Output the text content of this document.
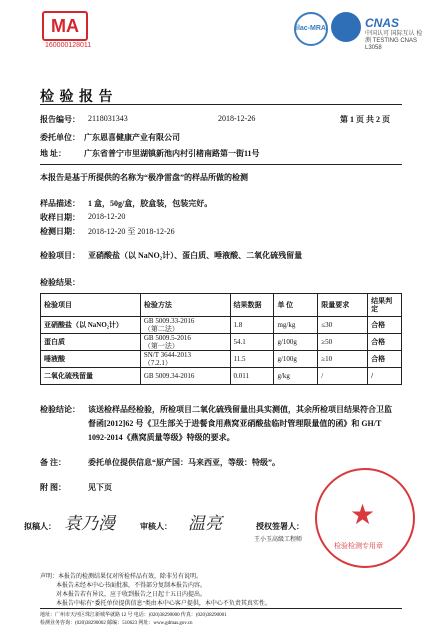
MA
160000128011
ilac-MRA	CNAS
中国认可 国际互认 检测 TESTING CNAS L3058
检 验 报 告
报告编号： 2118031343	2018-12-26	第 1 页 共 2 页
委托单位： 广东恩喜健康产业有限公司
地 址： 广东省普宁市里湖镇新池内村引楮南路第一街11号
本报告是基于所提供的名称为“极净雷盘”的样品所做的检测
样品描述： 1 盒，50g/盒，胶盒装，包装完好。
收样日期： 2018-12-20
检测日期： 2018-12-20 至 2018-12-26
检验项目： 亚硝酸盐（以 NaNO₂计）、蛋白质、唾液酸、二氧化硫残留量
检验结果：
检验项目	检验方法	结果数据	单 位	限量要求	结果判定
亚硝酸盐（以 NaNO₂计）	GB 5009.33-2016
（第二法）	1.8	mg/kg	≤30	合格
蛋白质	GB 5009.5-2016
（第一法）	54.1	g/100g	≥50	合格
唾液酸	SN/T 3644-2013
（7.2.1）	11.5	g/100g	≥10	合格
二氧化硫残留量	GB 5009.34-2016	0.011	g/kg	/	/
检验结论： 该送检样品经检验，所检项目二氧化硫残留量出具实测值，其余所检项目结果符合卫监
督函[2012]62 号《卫生部关于进餐食用燕窝亚硝酸盐临时管理限量值的函》和 GH/T
1092-2014《燕窝质量等级》特级的要求。
备 注：	委托单位提供信息“原产国：马来西亚，等级：特级”。
附 图：	见下页
拟稿人： 袁乃漫	审核人： 温亮	授权签署人：
王小玉高级工程师
★
检验检测专用章
声明：本报告的检测结果仅对所检样品有效，除非另有说明。
本报告未经本中心书面批准，不得部分复制本报告内容。
对本报告若有异议，应于收到报告之日起十五日内提出。
本报告中标有"委托单位提供信息"类由本中心客户提供，本中心不负责其真实性。
地址：广州市天河区珠江新城华就路 12 号 电话：(020)38290000 传真：(020)38290001
检测业务咨询：(020)38290002 邮编：510623 网址：www.gdmas.gov.cn
